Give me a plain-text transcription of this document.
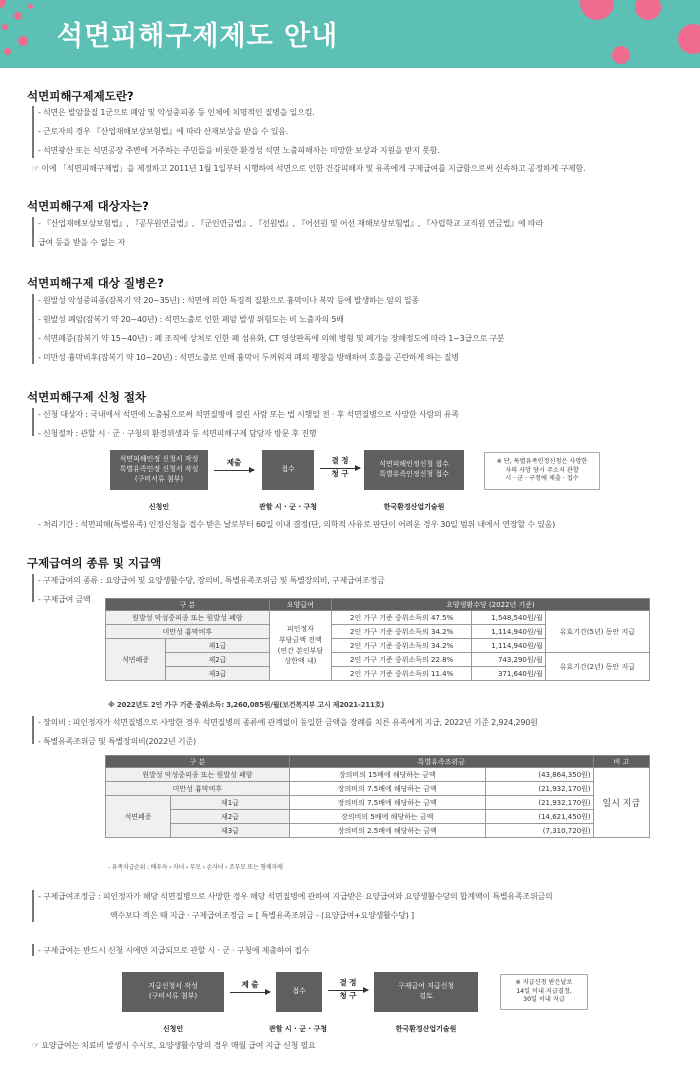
석면피해구제제도 안내
석면피해구제제도란?
- 석면은 발암물질 1군으로 폐암 및 악성중피종 등 인체에 치명적인 질병을 일으킴.
- 근로자의 경우 『산업재해보상보험법』에 따라 산재보상을 받을 수 있음.
- 석면광산 또는 석면공장 주변에 거주하는 주민들을 비롯한 환경성 석면 노출피해자는 미망한 보상과 지원을 받지 못함.
☞ 이에 「석면피해구제법」을 제정하고 2011년 1월 1일부터 시행하여 석면으로 인한 건강피해자 및 유족에게 구제급여를 지급함으로써 신속하고 공정하게 구제함.
석면피해구제 대상자는?
- 『산업재해보상보험법』, 『공무원연금법』, 『군인연금법』, 『선원법』, 『어선원 및 어선 재해보상보험법』, 『사립학교 교직원 연금법』에 따라
급여 등을 받을 수 없는 자
석면피해구제 대상 질병은?
- 원발성 악성중피종(잠복기 약 20~35년) : 석면에 의한 특징적 질환으로 흉막이나 복막 등에 발생하는 암의 일종
- 원발성 폐암(잠복기 약 20~40년) : 석면노출로 인한 폐암 발생 위험도는 비 노출자의 5배
- 석면폐증(잠복기 약 15~40년) : 폐 조직에 상처로 인한 폐 섬유화, CT 영상판독에 의해 병형 및 폐기능 장해정도에 따라 1~3급으로 구분
- 미만성 흉막비후(잠복기 약 10~20년) : 석면노출로 인해 흉막이 두꺼워져 폐의 팽창을 방해하여 호흡을 곤란하게 하는 질병
석면피해구제 신청 절차
- 신청 대상자 : 국내에서 석면에 노출됨으로써 석면질병에 걸린 사람 또는 법 시행일 전 · 후 석면질병으로 사망한 사람의 유족
- 신청절차 : 관할 시 · 군 · 구청의 환경위생과 등 석면피해구제 담당자 방문 후 진행
석면피해인정 신청서 작성
특별유족인정 신청서 작성
(구비서류 첨부)
제출
접수
결 정
청 구
석면피해인정신청 접수
특별유족인정신청 접수
※ 단, 특별유족인정신청은 사망한
자의 사망 당시 주소지 관할
시 · 군 · 구청에 제출 · 접수
신청인	관할 시 · 군 · 구청	한국환경산업기술원
- 처리기간 : 석면피해(특별유족) 인정신청을 접수 받은 날로부터 60일 이내 결정(단, 의학적 사유로 판단이 어려운 경우 30일 범위 내에서 연장할 수 있음)
구제급여의 종류 및 지급액
- 구제급여의 종류 : 요양급여 및 요양생활수당, 장의비, 특별유족조위금 및 특별장의비, 구제급여조정금
- 구제급여 금액
구 분		요양급여	요양생활수당 (2022년 기준)		
원발성 악성중피종 또는 원발성 폐암		피인정자
부담금액 전액
(연간 본인부담
상한액 내)	2인 가구 기준 중위소득의 47.5%	1,548,540원/월	유효기간(5년) 동안 지급
미만성 흉막비후			2인 가구 기준 중위소득의 34.2%	1,114,940원/월	
석면폐증	제1급		2인 가구 기준 중위소득의 34.2%	1,114,940원/월	
	제2급		2인 가구 기준 중위소득의 22.8%	743,290원/월	유효기간(2년) 동안 지급
	제3급		2인 가구 기준 중위소득의 11.4%	371,640원/월	
※ 2022년도 2인 가구 기준 중위소득: 3,260,085원/월(보건복지부 고시 제2021-211호)
- 장의비 : 피인정자가 석면질병으로 사망한 경우 석면질병의 종류에 관계없이 동일한 금액을 장례를 치른 유족에게 지급, 2022년 기준 2,924,290원
- 특별유족조위금 및 특별장의비(2022년 기준)
구 분		특별유족조위금		비 고
원발성 악성중피종 또는 원발성 폐암		장의비의 15배에 해당하는 금액	(43,864,350원)	일시 지급
미만성 흉막비후		장의비의 7.5배에 해당하는 금액	(21,932,170원)	
석면폐증	제1급	장의비의 7.5배에 해당하는 금액	(21,932,170원)	
	제2급	장의비의 5배에 해당하는 금액	(14,621,450원)	
	제3급	장의비의 2.5배에 해당하는 금액	(7,310,720원)	
- 유족지급순위 : 배우자 › 자녀 › 부모 › 손자녀 › 조부모 또는 형제자매
- 구제급여조정금 : 피인정자가 해당 석면질병으로 사망한 경우 해당 석면질병에 관하여 지급받은 요양급여와 요양생활수당의 합계액이 특별유족조위금의
액수보다 적은 때 지급 · 구제급여조정금 = [ 특별유족조위금 - (요양급여+요양생활수당) ]
- 구제급여는 반드시 신청 시에만 지급되므로 관할 시 · 군 · 구청에 제출하여 접수
지급신청서 작성
(구비서류 첨부)
제 출
접수
결 정
청 구
구제급여 지급신청
검토
※ 지급신청 받은날로
14일 이내 지급결정,
30일 이내 지급
신청인	관할 시 · 군 · 구청	한국환경산업기술원
☞ 요양급여는 치료비 발생시 수시로, 요양생활수당의 경우 매월 급여 지급 신청 필요
